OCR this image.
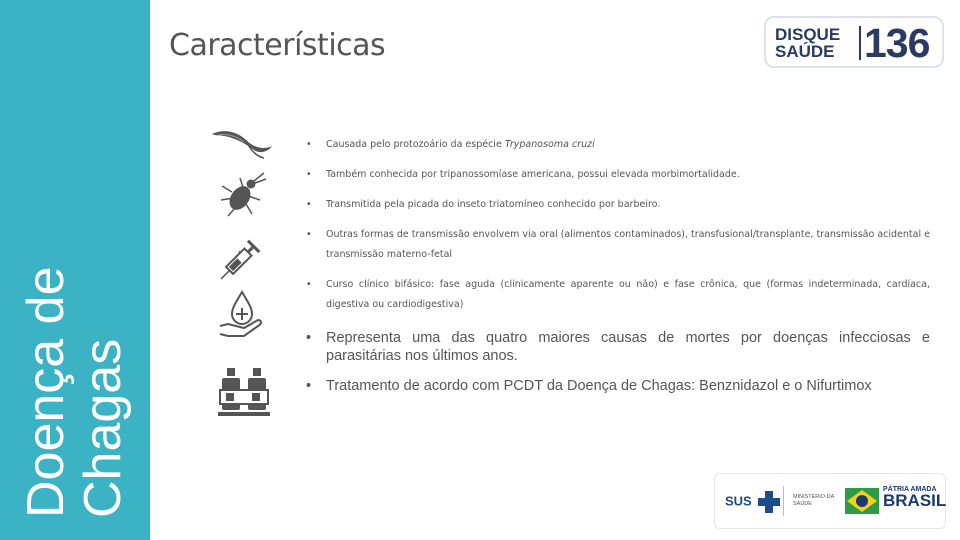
Doença de Chagas
Características	DISQUE
SAÚDE 136
• Causada pelo protozoário da espécie Trypanosoma cruzi
• Também conhecida por tripanossomíase americana, possui elevada morbimortalidade.
• Transmitida pela picada do inseto triatomíneo conhecido por barbeiro.
• Outras formas de transmissão envolvem via oral (alimentos contaminados), transfusional/transplante, transmissão acidental e transmissão materno-fetal
• Curso clínico bifásico: fase aguda (clinicamente aparente ou não) e fase crônica, que (formas indeterminada, cardíaca, digestiva ou cardiodigestiva)
• Representa uma das quatro maiores causas de mortes por doenças infecciosas e parasitárias nos últimos anos.
• Tratamento de acordo com PCDT da Doença de Chagas: Benznidazol e o Nifurtimox
SUS	MINISTÉRIO DA
SAÚDE
PÁTRIA AMADA
BRASIL
